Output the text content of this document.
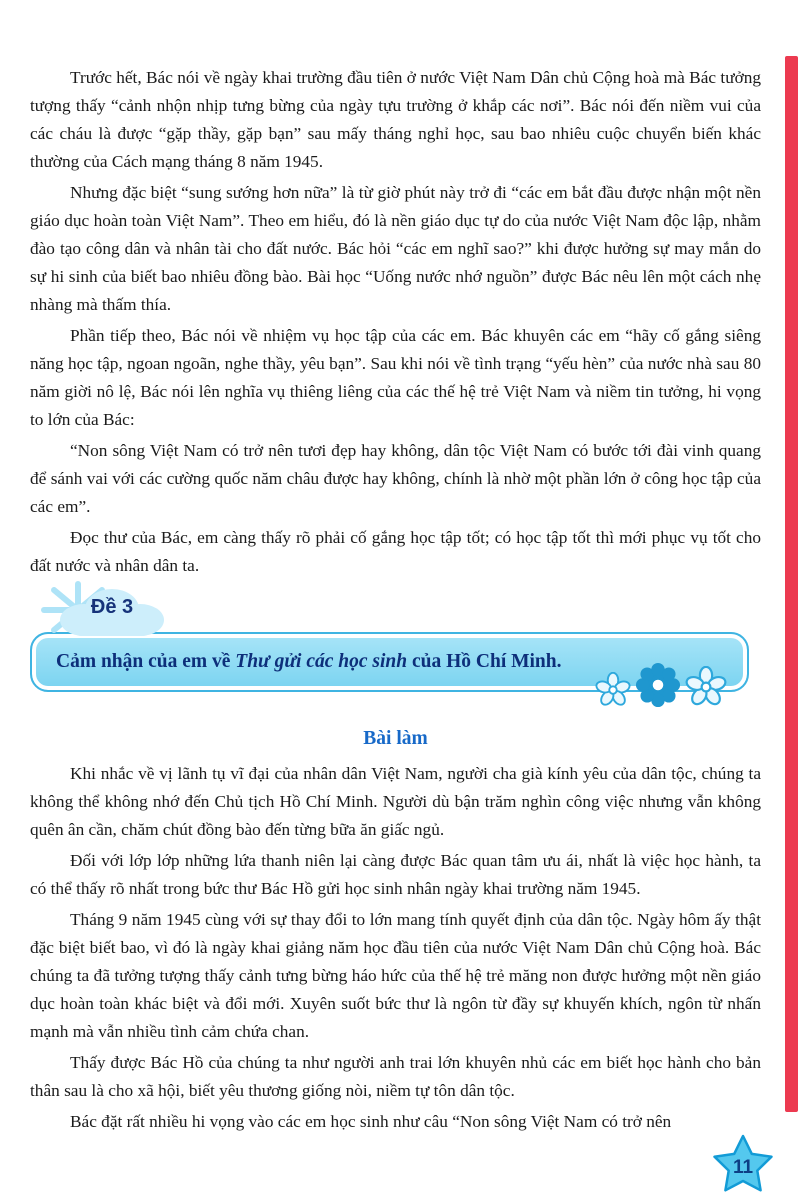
Trước hết, Bác nói về ngày khai trường đầu tiên ở nước Việt Nam Dân chủ Cộng hoà mà Bác tưởng tượng thấy “cảnh nhộn nhịp tưng bừng của ngày tựu trường ở khắp các nơi”. Bác nói đến niềm vui của các cháu là được “gặp thầy, gặp bạn” sau mấy tháng nghỉ học, sau bao nhiêu cuộc chuyển biến khác thường của Cách mạng tháng 8 năm 1945.

Nhưng đặc biệt “sung sướng hơn nữa” là từ giờ phút này trở đi “các em bắt đầu được nhận một nền giáo dục hoàn toàn Việt Nam”. Theo em hiểu, đó là nền giáo dục tự do của nước Việt Nam độc lập, nhằm đào tạo công dân và nhân tài cho đất nước. Bác hỏi “các em nghĩ sao?” khi được hưởng sự may mắn do sự hi sinh của biết bao nhiêu đồng bào. Bài học “Uống nước nhớ nguồn” được Bác nêu lên một cách nhẹ nhàng mà thấm thía.

Phần tiếp theo, Bác nói về nhiệm vụ học tập của các em. Bác khuyên các em “hãy cố gắng siêng năng học tập, ngoan ngoãn, nghe thầy, yêu bạn”. Sau khi nói về tình trạng “yếu hèn” của nước nhà sau 80 năm giời nô lệ, Bác nói lên nghĩa vụ thiêng liêng của các thế hệ trẻ Việt Nam và niềm tin tưởng, hi vọng to lớn của Bác:

“Non sông Việt Nam có trở nên tươi đẹp hay không, dân tộc Việt Nam có bước tới đài vinh quang để sánh vai với các cường quốc năm châu được hay không, chính là nhờ một phần lớn ở công học tập của các em”.

Đọc thư của Bác, em càng thấy rõ phải cố gắng học tập tốt; có học tập tốt thì mới phục vụ tốt cho đất nước và nhân dân ta.

Đề 3
Cảm nhận của em về Thư gửi các học sinh của Hồ Chí Minh.
Bài làm

Khi nhắc về vị lãnh tụ vĩ đại của nhân dân Việt Nam, người cha già kính yêu của dân tộc, chúng ta không thể không nhớ đến Chủ tịch Hồ Chí Minh. Người dù bận trăm nghìn công việc nhưng vẫn không quên ân cần, chăm chút đồng bào đến từng bữa ăn giấc ngủ.

Đối với lớp lớp những lứa thanh niên lại càng được Bác quan tâm ưu ái, nhất là việc học hành, ta có thể thấy rõ nhất trong bức thư Bác Hồ gửi học sinh nhân ngày khai trường năm 1945.

Tháng 9 năm 1945 cùng với sự thay đổi to lớn mang tính quyết định của dân tộc. Ngày hôm ấy thật đặc biệt biết bao, vì đó là ngày khai giảng năm học đầu tiên của nước Việt Nam Dân chủ Cộng hoà. Bác chúng ta đã tưởng tượng thấy cảnh tưng bừng háo hức của thế hệ trẻ măng non được hưởng một nền giáo dục hoàn toàn khác biệt và đổi mới. Xuyên suốt bức thư là ngôn từ đầy sự khuyến khích, ngôn từ nhấn mạnh mà vẫn nhiều tình cảm chứa chan.

Thấy được Bác Hồ của chúng ta như người anh trai lớn khuyên nhủ các em biết học hành cho bản thân sau là cho xã hội, biết yêu thương giống nòi, niềm tự tôn dân tộc.

Bác đặt rất nhiều hi vọng vào các em học sinh như câu “Non sông Việt Nam có trở nên

11
